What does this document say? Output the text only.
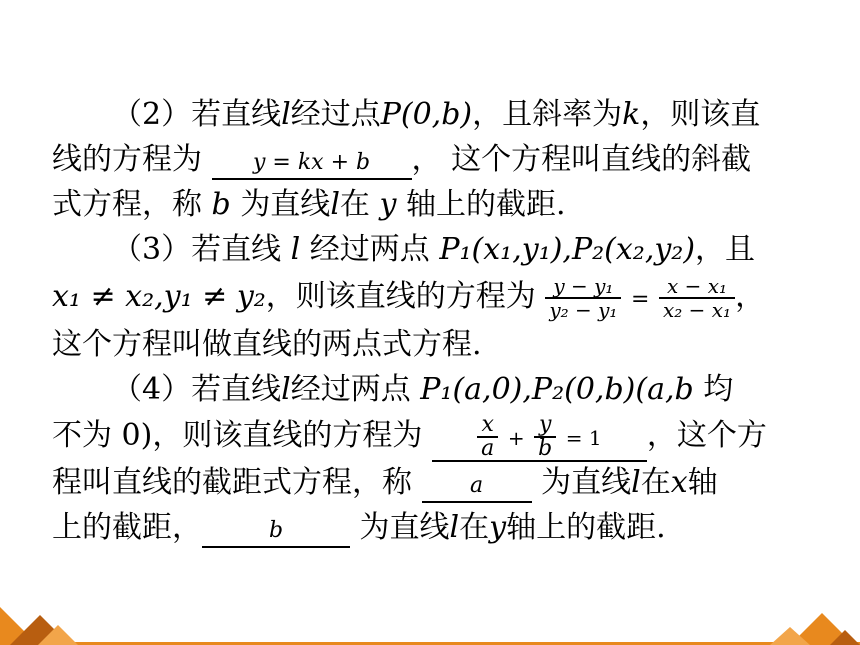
（2）若直线l经过点P(0,b)，且斜率为k，则该直
线的方程为 y = kx + b ， 这个方程叫直线的斜截
式方程，称 b 为直线l在 y 轴上的截距.
（3）若直线 l 经过两点 P₁(x₁,y₁),P₂(x₂,y₂)，且
x₁ ≠ x₂,y₁ ≠ y₂，则该直线的方程为 $\frac{\text{y − y₁}}{\text{y₂ − y₁}} = \frac{\text{x − x₁}}{\text{x₂ − x₁}}$ ，
这个方程叫做直线的两点式方程.
（4）若直线l经过两点 P₁(a,0),P₂(0,b)(a,b 均
不为 0)，则该直线的方程为 $\frac{x}{a} + \frac{y}{b} = 1$ ，这个方
程叫直线的截距式方程，称	a 为直线l在x轴
上的截距，	b	为直线l在y轴上的截距.
